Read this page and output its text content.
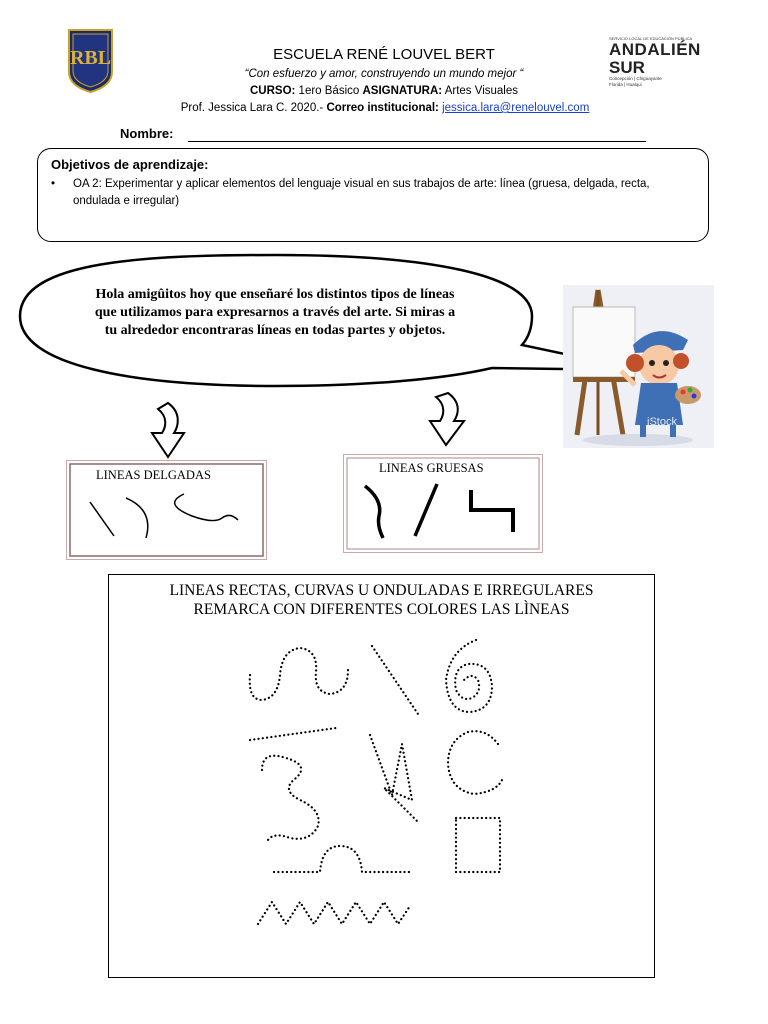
RBL	ESCUELA RENÉ LOUVEL BERT
“Con esfuerzo y amor, construyendo un mundo mejor “
CURSO: 1ero Básico ASIGNATURA: Artes Visuales
Prof. Jessica Lara C. 2020.- Correo institucional: jessica.lara@renelouvel.com
SERVICIO LOCAL DE EDUCACIÓN PÚBLICA
ANDALIÉN
SUR
Concepción | Chiguayante
Florida | Hualqui
Nombre:
Objetivos de aprendizaje:
•	OA 2: Experimentar y aplicar elementos del lenguaje visual en sus trabajos de arte: línea (gruesa, delgada, recta, ondulada e irregular)
Hola amigûitos hoy que enseñaré los distintos tipos de líneas que utilizamos para expresarnos a través del arte. Si miras a tu alrededor encontraras líneas en todas partes y objetos.
iStock
LINEAS DELGADAS	LINEAS GRUESAS
LINEAS RECTAS, CURVAS U ONDULADAS E IRREGULARES
REMARCA CON DIFERENTES COLORES LAS LÌNEAS
